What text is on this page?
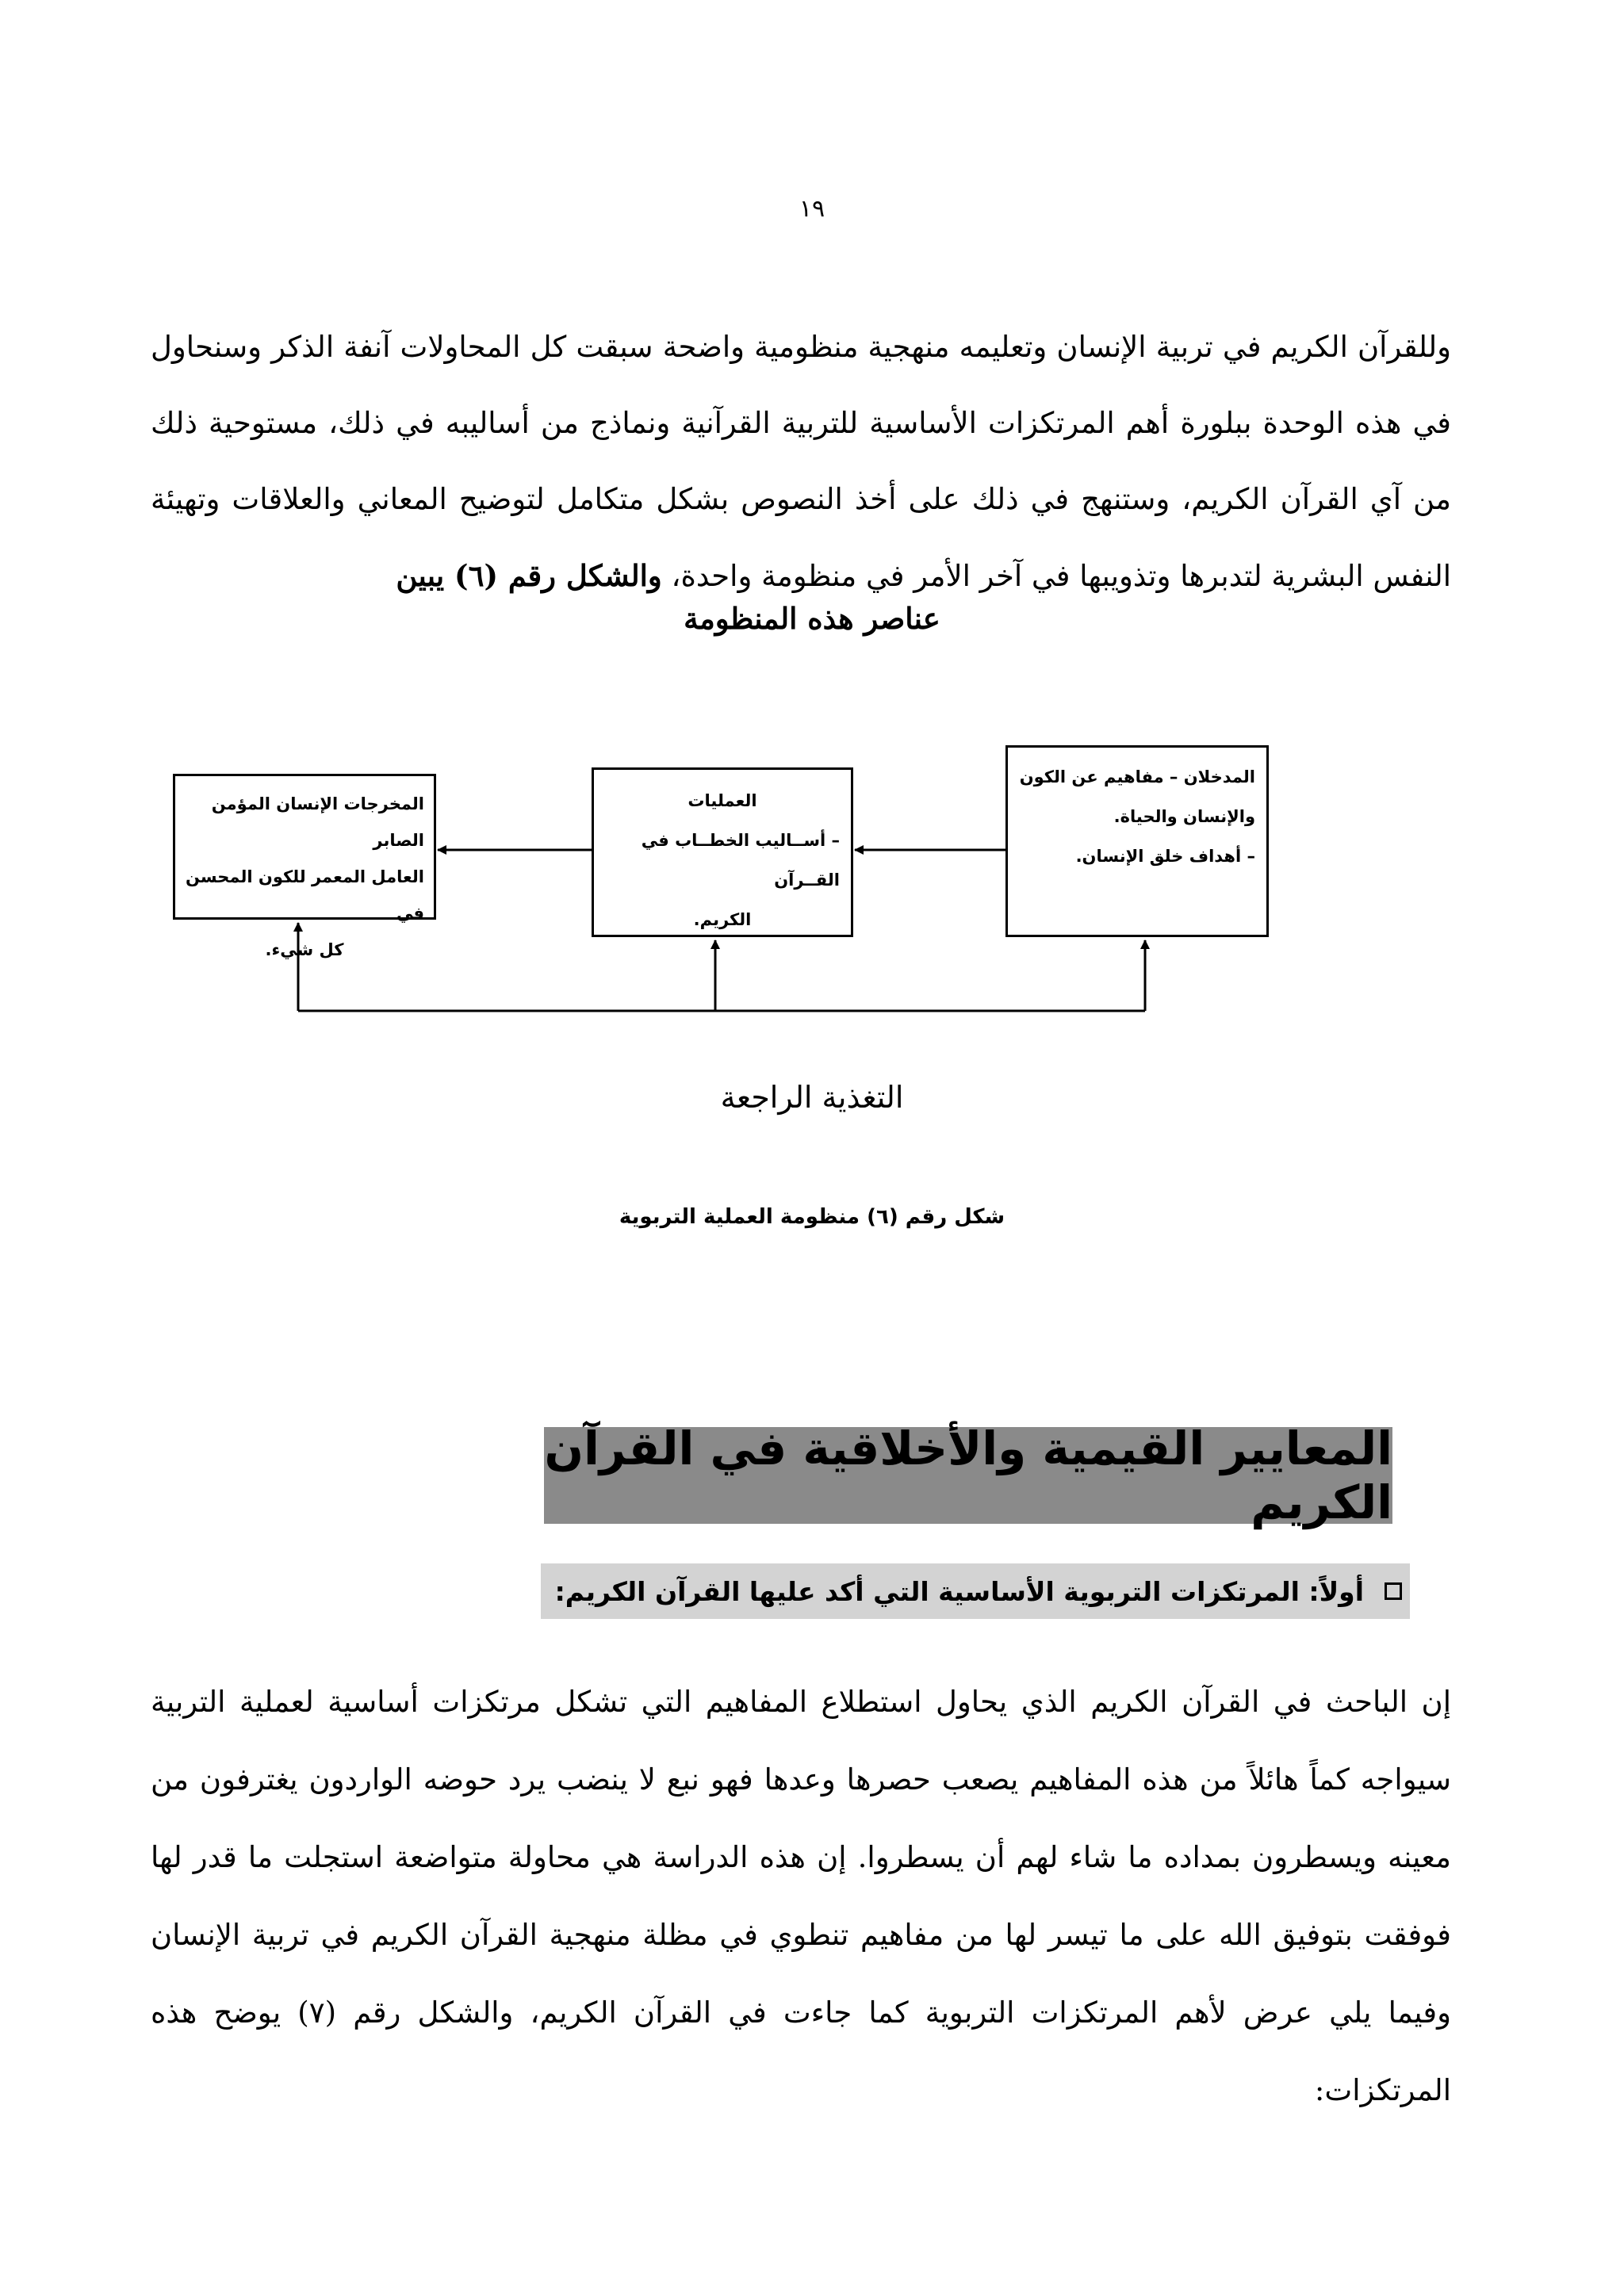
١٩
وللقرآن الكريم في تربية الإنسان وتعليمه منهجية منظومية واضحة سبقت كل المحاولات آنفة الذكر وسنحاول في هذه الوحدة ببلورة أهم المرتكزات الأساسية للتربية القرآنية ونماذج من أساليبه في ذلك، مستوحية ذلك من آي القرآن الكريم، وستنهج في ذلك على أخذ النصوص بشكل متكامل لتوضيح المعاني والعلاقات وتهيئة النفس البشرية لتدبرها وتذويبها في آخر الأمر في منظومة واحدة، والشكل رقم (٦) يبين
عناصر هذه المنظومة
المدخلان – مفاهيم عن الكون
والإنسان والحياة.
– أهداف خلق الإنسان.
العمليات
– أســاليب الخطــاب في القــرآن
الكريم.
المخرجات الإنسان المؤمن الصابر
العامل المعمر للكون المحسن في
كل شيء.
التغذية الراجعة
شكل رقم (٦) منظومة العملية التربوية
المعايير القيمية والأخلاقية في القرآن الكريم
أولاً: المرتكزات التربوية الأساسية التي أكد عليها القرآن الكريم:
إن الباحث في القرآن الكريم الذي يحاول استطلاع المفاهيم التي تشكل مرتكزات أساسية لعملية التربية سيواجه كماً هائلاً من هذه المفاهيم يصعب حصرها وعدها فهو نبع لا ينضب يرد حوضه الواردون يغترفون من معينه ويسطرون بمداده ما شاء لهم أن يسطروا. إن هذه الدراسة هي محاولة متواضعة استجلت ما قدر لها فوفقت بتوفيق الله على ما تيسر لها من مفاهيم تنطوي في مظلة منهجية القرآن الكريم في تربية الإنسان وفيما يلي عرض لأهم المرتكزات التربوية كما جاءت في القرآن الكريم، والشكل رقم (٧) يوضح هذه المرتكزات:
